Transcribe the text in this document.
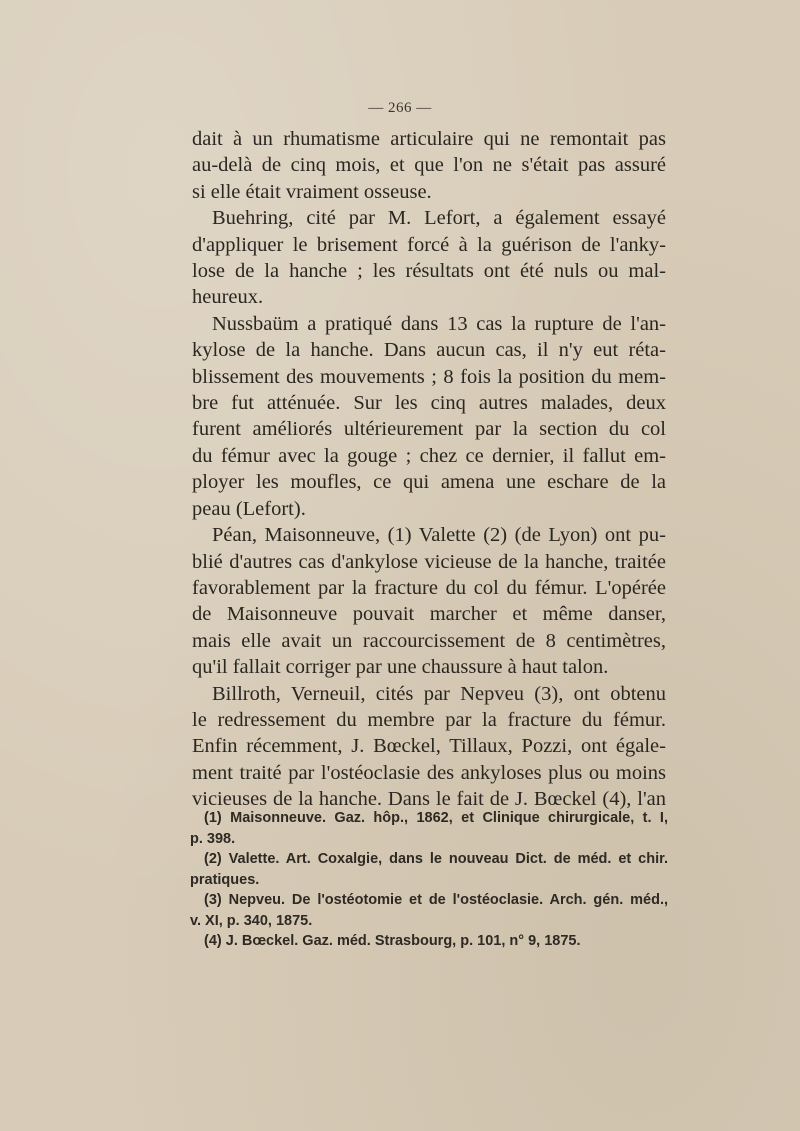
— 266 —
dait à un rhumatisme articulaire qui ne remontait pas
au-delà de cinq mois, et que l'on ne s'était pas assuré
si elle était vraiment osseuse.
Buehring, cité par M. Lefort, a également essayé
d'appliquer le brisement forcé à la guérison de l'anky-
lose de la hanche ; les résultats ont été nuls ou mal-
heureux.
Nussbaüm a pratiqué dans 13 cas la rupture de l'an-
kylose de la hanche. Dans aucun cas, il n'y eut réta-
blissement des mouvements ; 8 fois la position du mem-
bre fut atténuée. Sur les cinq autres malades, deux
furent améliorés ultérieurement par la section du col
du fémur avec la gouge ; chez ce dernier, il fallut em-
ployer les moufles, ce qui amena une eschare de la
peau (Lefort).
Péan, Maisonneuve, (1) Valette (2) (de Lyon) ont pu-
blié d'autres cas d'ankylose vicieuse de la hanche, traitée
favorablement par la fracture du col du fémur. L'opérée
de Maisonneuve pouvait marcher et même danser,
mais elle avait un raccourcissement de 8 centimètres,
qu'il fallait corriger par une chaussure à haut talon.
Billroth, Verneuil, cités par Nepveu (3), ont obtenu
le redressement du membre par la fracture du fémur.
Enfin récemment, J. Bœckel, Tillaux, Pozzi, ont égale-
ment traité par l'ostéoclasie des ankyloses plus ou moins
vicieuses de la hanche. Dans le fait de J. Bœckel (4), l'an
(1) Maisonneuve. Gaz. hôp., 1862, et Clinique chirurgicale, t. I,
p. 398.
(2) Valette. Art. Coxalgie, dans le nouveau Dict. de méd. et chir.
pratiques.
(3) Nepveu. De l'ostéotomie et de l'ostéoclasie. Arch. gén. méd.,
v. XI, p. 340, 1875.
(4) J. Bœckel. Gaz. méd. Strasbourg, p. 101, n° 9, 1875.
